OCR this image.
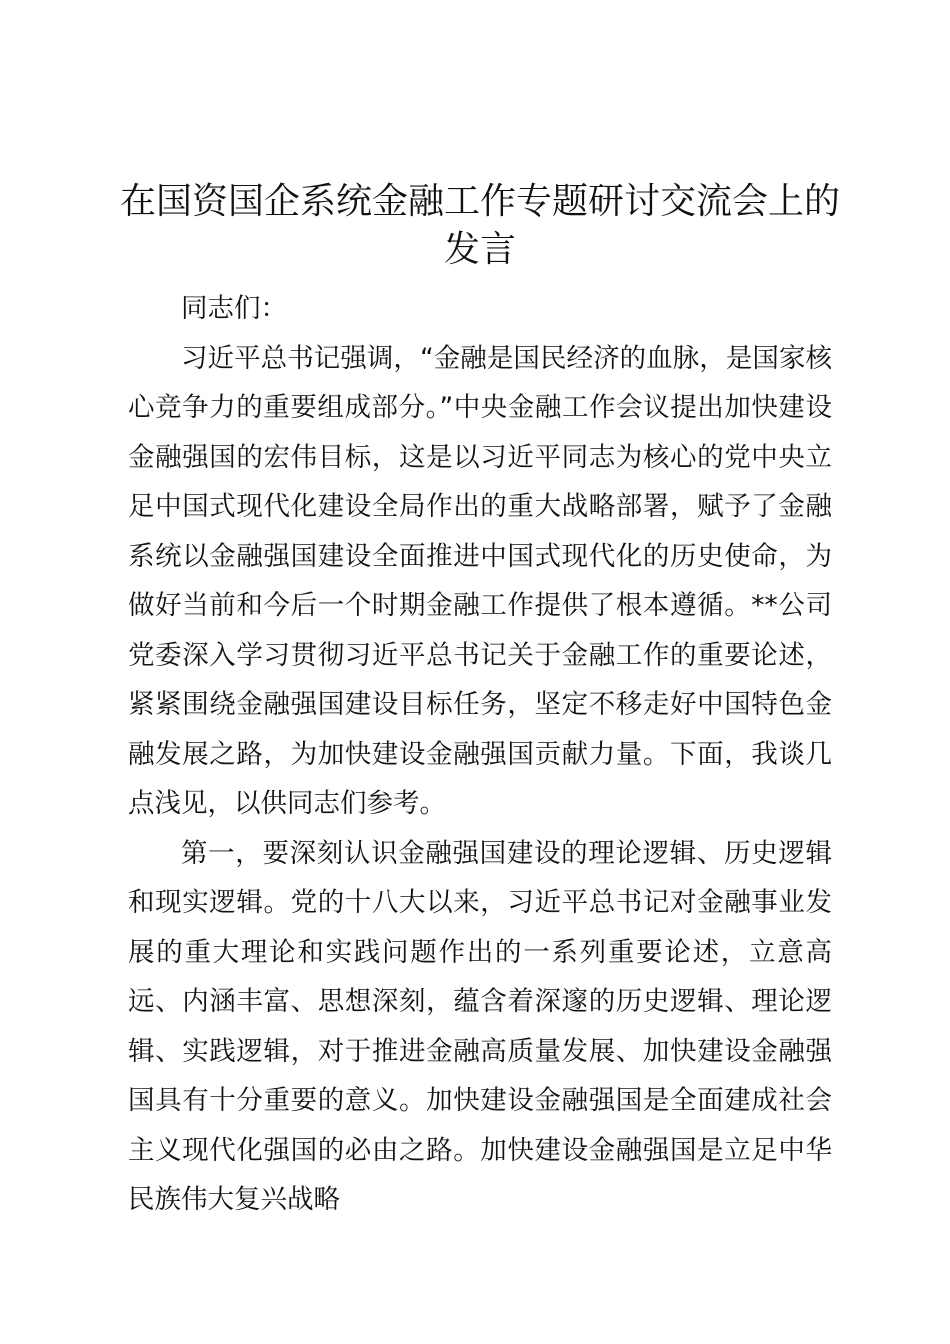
在国资国企系统金融工作专题研讨交流会上的发言

同志们：

习近平总书记强调，“金融是国民经济的血脉，是国家核心竞争力的重要组成部分。”中央金融工作会议提出加快建设金融强国的宏伟目标，这是以习近平同志为核心的党中央立足中国式现代化建设全局作出的重大战略部署，赋予了金融系统以金融强国建设全面推进中国式现代化的历史使命，为做好当前和今后一个时期金融工作提供了根本遵循。**公司党委深入学习贯彻习近平总书记关于金融工作的重要论述，紧紧围绕金融强国建设目标任务，坚定不移走好中国特色金融发展之路，为加快建设金融强国贡献力量。下面，我谈几点浅见，以供同志们参考。

第一，要深刻认识金融强国建设的理论逻辑、历史逻辑和现实逻辑。党的十八大以来，习近平总书记对金融事业发展的重大理论和实践问题作出的一系列重要论述，立意高远、内涵丰富、思想深刻，蕴含着深邃的历史逻辑、理论逻辑、实践逻辑，对于推进金融高质量发展、加快建设金融强国具有十分重要的意义。加快建设金融强国是全面建成社会主义现代化强国的必由之路。加快建设金融强国是立足中华民族伟大复兴战略
